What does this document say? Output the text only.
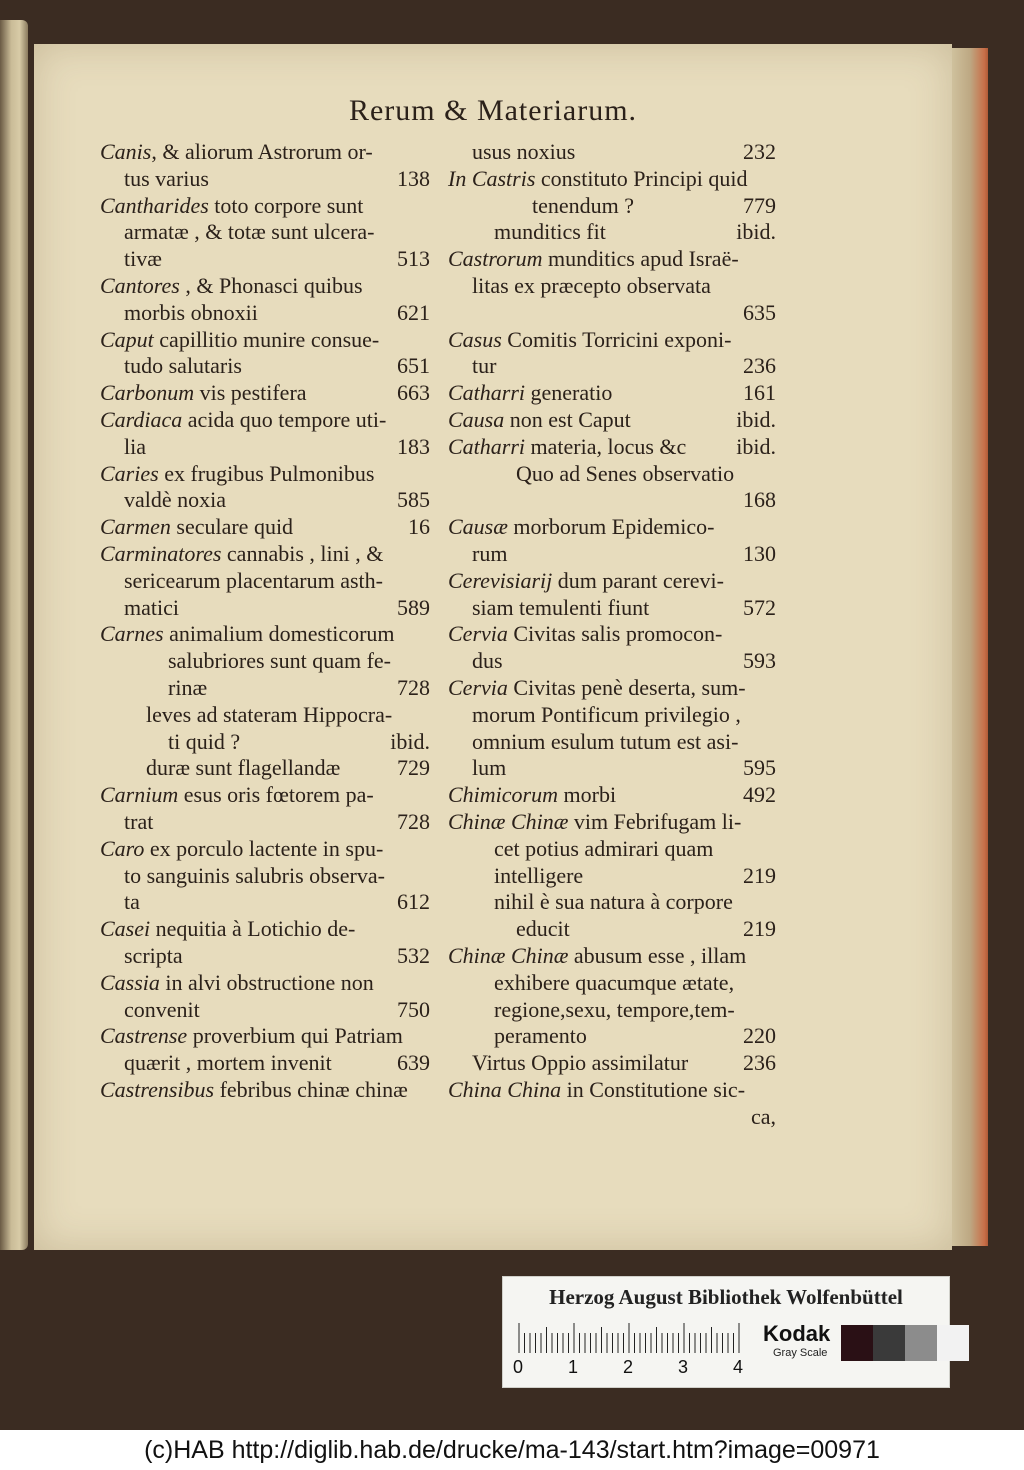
Rerum & Materiarum.
Canis, & aliorum Astrorum or-
tus varius	138
Cantharides toto corpore sunt
armatæ , & totæ sunt ulcera-
tivæ	513
Cantores , & Phonasci quibus
morbis obnoxii	621
Caput capillitio munire consue-
tudo salutaris	651
Carbonum vis pestifera	663
Cardiaca acida quo tempore uti-
lia	183
Caries ex frugibus Pulmonibus
valdè noxia	585
Carmen seculare quid	16
Carminatores cannabis , lini , &
sericearum placentarum asth-
matici	589
Carnes animalium domesticorum
salubriores sunt quam fe-
rinæ	728
leves ad stateram Hippocra-
ti quid ?	ibid.
duræ sunt flagellandæ	729
Carnium esus oris fœtorem pa-
trat	728
Caro ex porculo lactente in spu-
to sanguinis salubris observa-
ta	612
Casei nequitia à Lotichio de-
scripta	532
Cassia in alvi obstructione non
convenit	750
Castrense proverbium qui Patriam
quærit , mortem invenit	639
Castrensibus febribus chinæ chinæ
usus noxius	232
In Castris constituto Principi quid
tenendum ?	779
munditics fit	ibid.
Castrorum munditics apud Israë-
litas ex præcepto observata
635
Casus Comitis Torricini exponi-
tur	236
Catharri generatio	161
Causa non est Caput	ibid.
Catharri materia, locus &c ibid.
Quo ad Senes observatio
168
Causæ morborum Epidemico-
rum	130
Cerevisiarij dum parant cerevi-
siam temulenti fiunt	572
Cervia Civitas salis promocon-
dus	593
Cervia Civitas penè deserta, sum-
morum Pontificum privilegio ,
omnium esulum tutum est asi-
lum	595
Chimicorum morbi	492
Chinæ Chinæ vim Febrifugam li-
cet potius admirari quam
intelligere	219
nihil è sua natura à corpore
educit	219
Chinæ Chinæ abusum esse , illam
exhibere quacumque ætate,
regione,sexu, tempore,tem-
peramento	220
Virtus Oppio assimilatur 236
China China in Constitutione sic-
ca,
Herzog August Bibliothek Wolfenbüttel
0 1 2 3 4
Kodak
Gray Scale
(c)HAB http://diglib.hab.de/drucke/ma-143/start.htm?image=00971
